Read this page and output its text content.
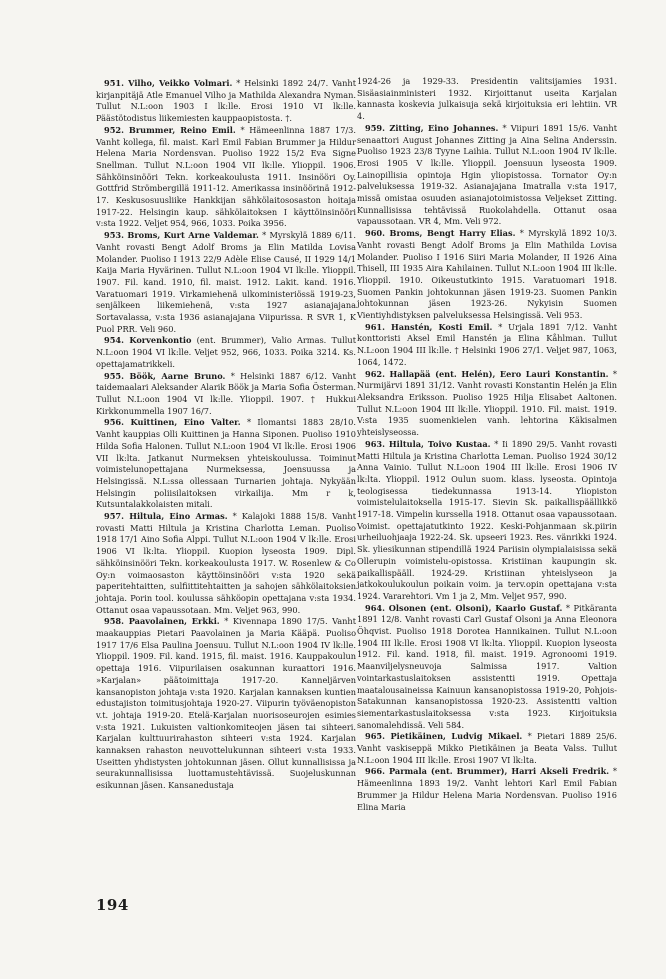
951. Vilho, Veikko Volmari. * Helsinki 1892 24/7. Vanht kirjanpitäjä Atle Emanuel Vilho ja Mathilda Alexandra Nyman. Tullut N.L:oon 1903 I lk:lle. Erosi 1910 VI lk:lle. Päästötodistus liikemiesten kauppaopistosta. †.

952. Brummer, Reino Emil. * Hämeenlinna 1887 17/3. Vanht kollega, fil. maist. Karl Emil Fabian Brummer ja Hildur Helena Maria Nordensvan. Puoliso 1922 15/2 Eva Signe Snellman. Tullut N.L:oon 1904 VII lk:lle. Ylioppil. 1906. Sähköinsinööri Tekn. korkeakoulusta 1911. Insinööri Oy. Gottfrid Strömbergillä 1911-12. Amerikassa insinöörinä 1912-17. Keskusosuusliike Hankkijan sähkölaitososaston hoitaja 1917-22. Helsingin kaup. sähkölaitoksen I käyttöinsinööri v:sta 1922. Veljet 954, 966, 1033. Poika 3956.

953. Broms, Kurt Arne Valdemar. * Myrskylä 1889 6/11. Vanht rovasti Bengt Adolf Broms ja Elin Matilda Lovisa Molander. Puoliso I 1913 22/9 Adèle Elise Causé, II 1929 14/1 Kaija Maria Hyvärinen. Tullut N.L:oon 1904 VI lk:lle. Ylioppil. 1907. Fil. kand. 1910, fil. maist. 1912. Lakit. kand. 1916. Varatuomari 1919. Virkamiehenä ulkoministeriössä 1919-23, senjälkeen liikemiehenä, v:sta 1927 asianajajana Sortavalassa, v:sta 1936 asianajajana Viipurissa. R SVR 1, K Puol PRR. Veli 960.

954. Korvenkontio (ent. Brummer), Valio Armas. Tullut N.L:oon 1904 VI lk:lle. Veljet 952, 966, 1033. Poika 3214. Ks. opettajamatrikkeli.

955. Böök, Aarne Bruno. * Helsinki 1887 6/12. Vanht taidemaalari Aleksander Alarik Böök ja Maria Sofia Österman. Tullut N.L:oon 1904 VI lk:lle. Ylioppil. 1907. † Hukkui Kirkkonummella 1907 16/7.

956. Kuittinen, Eino Valter. * Ilomantsi 1883 28/10. Vanht kauppias Olli Kuittinen ja Hanna Siponen. Puoliso 1910 Hilda Sofia Halonen. Tullut N.L:oon 1904 VI lk:lle. Erosi 1906 VII lk:lta. Jatkanut Nurmeksen yhteiskoulussa. Toiminut voimistelunopettajana Nurmeksessa, Joensuussa ja Helsingissä. N.L:ssa ollessaan Turnarien johtaja. Nykyään Helsingin poliisilaitoksen virkailija. Mm r k, Kutsuntalakkolaisten mitali.

957. Hiltula, Eino Armas. * Kalajoki 1888 15/8. Vanht rovasti Matti Hiltula ja Kristina Charlotta Leman. Puoliso 1918 17/1 Aino Sofia Alppi. Tullut N.L:oon 1904 V lk:lle. Erosi 1906 VI lk:lta. Ylioppil. Kuopion lyseosta 1909. Dipl. sähköinsinööri Tekn. korkeakoulusta 1917. W. Rosenlew & Co Oy:n voimaosaston käyttöinsinööri v:sta 1920 sekä paperitehtaitten, sulfiittitehtaitten ja sahojen sähkölaitoksien johtaja. Porin tool. koulussa sähköopin opettajana v:sta 1934. Ottanut osaa vapaussotaan. Mm. Veljet 963, 990.

958. Paavolainen, Erkki. * Kivennapa 1890 17/5. Vanht maakauppias Pietari Paavolainen ja Maria Kääpä. Puoliso 1917 17/6 Elsa Paulina Joensuu. Tullut N.L:oon 1904 IV lk:lle. Ylioppil. 1909. Fil. kand. 1915, fil. maist. 1916. Kauppakoulun opettaja 1916. Viipurilaisen osakunnan kuraattori 1916. »Karjalan» päätoimittaja 1917-20. Kanneljärven kansanopiston johtaja v:sta 1920. Karjalan kannaksen kuntien edustajiston toimitusjohtaja 1920-27. Viipurin työväenopiston v.t. johtaja 1919-20. Etelä-Karjalan nuorisoseurojen esimies v:sta 1921. Lukuisten valtionkomiteojen jäsen tai sihteeri. Karjalan kulttuurirahaston sihteeri v:sta 1924. Karjalan kannaksen rahaston neuvottelukunnan sihteeri v:sta 1933. Useitten yhdistysten johtokunnan jäsen. Ollut kunnallisissa ja seurakunnallisissa luottamustehtävissä. Suojeluskunnan esikunnan jäsen. Kansanedustaja

1924-26 ja 1929-33. Presidentin valitsijamies 1931. Sisäasiainministeri 1932. Kirjoittanut useita Karjalan kannasta koskevia julkaisuja sekä kirjoituksia eri lehtiin. VR 4.

959. Zitting, Eino Johannes. * Viipuri 1891 15/6. Vanht senaattori August Johannes Zitting ja Aina Selina Anderssin. Puoliso 1923 23/8 Tyyne Laihia. Tullut N.L:oon 1904 IV lk:lle. Erosi 1905 V lk:lle. Ylioppil. Joensuun lyseosta 1909. Lainopillisia opintoja Hgin yliopistossa. Tornator Oy:n palveluksessa 1919-32. Asianajajana Imatralla v:sta 1917, missä omistaa osuuden asianajotoimistossa Veljekset Zitting. Kunnallisissa tehtävissä Ruokolahdella. Ottanut osaa vapaussotaan. VR 4, Mm. Veli 972.

960. Broms, Bengt Harry Elias. * Myrskylä 1892 10/3. Vanht rovasti Bengt Adolf Broms ja Elin Mathilda Lovisa Molander. Puoliso I 1916 Siiri Maria Molander, II 1926 Aina Thisell, III 1935 Aira Kahilainen. Tullut N.L:oon 1904 III lk:lle. Ylioppil. 1910. Oikeustutkinto 1915. Varatuomari 1918. Suomen Pankin johtokunnan jäsen 1919-23. Suomen Pankin johtokunnan jäsen 1923-26. Nykyisin Suomen Vientiyhdistyksen palveluksessa Helsingissä. Veli 953.

961. Hanstén, Kosti Emil. * Urjala 1891 7/12. Vanht konttoristi Aksel Emil Hanstén ja Elina Kåhlman. Tullut N.L:oon 1904 III lk:lle. † Helsinki 1906 27/1. Veljet 987, 1063, 1064, 1472.

962. Hallapää (ent. Helén), Eero Lauri Konstantin. * Nurmijärvi 1891 31/12. Vanht rovasti Konstantin Helén ja Elin Aleksandra Eriksson. Puoliso 1925 Hilja Elisabet Aaltonen. Tullut N.L:oon 1904 III lk:lle. Ylioppil. 1910. Fil. maist. 1919. V:sta 1935 suomenkielen vanh. lehtorina Käkisalmen yhteislyseossa.

963. Hiltula, Toivo Kustaa. * Ii 1890 29/5. Vanht rovasti Matti Hiltula ja Kristina Charlotta Leman. Puoliso 1924 30/12 Anna Vainio. Tullut N.L:oon 1904 III lk:lle. Erosi 1906 IV lk:lta. Ylioppil. 1912 Oulun suom. klass. lyseosta. Opintoja teologisessa tiedekunnassa 1913-14. Yliopiston voimistelulaitoksella 1915-17. Sievin Sk. paikallispäällikkö 1917-18. Vimpelin kurssella 1918. Ottanut osaa vapaussotaan. Voimist. opettajatutkinto 1922. Keski-Pohjanmaan sk.piirin urheiluohjaaja 1922-24. Sk. upseeri 1923. Res. vänrikki 1924. Sk. yliesikunnan stipendillä 1924 Pariisin olympialaisissa sekä Ollerupin voimistelu-opistossa. Kristiinan kaupungin sk. paikallispääll. 1924-29. Kristiinan yhteislyseon ja jatkokoulukoulun poikain voim. ja terv.opin opettajana v:sta 1924. Vararehtori. Vm 1 ja 2, Mm. Veljet 957, 990.

964. Olsonen (ent. Olsoni), Kaarlo Gustaf. * Pitkäranta 1891 12/8. Vanht rovasti Carl Gustaf Olsoni ja Anna Eleonora Öhqvist. Puoliso 1918 Dorotea Hannikainen. Tullut N.L:oon 1904 III lk:lle. Erosi 1908 VI lk:lta. Ylioppil. Kuopion lyseosta 1912. Fil. kand. 1918, fil. maist. 1919. Agronoomi 1919. Maanviljelysneuvoja Salmissa 1917. Valtion vointarkastuslaitoksen assistentti 1919. Opettaja maatalousaineissa Kainuun kansanopistossa 1919-20, Pohjois-Satakunnan kansanopistossa 1920-23. Assistentti valtion siementarkastuslaitoksessa v:sta 1923. Kirjoituksia sanomalehdissä. Veli 584.

965. Pietikäinen, Ludvig Mikael. * Pietari 1889 25/6. Vanht vaskiseppä Mikko Pietikäinen ja Beata Valss. Tullut N.L:oon 1904 III lk:lle. Erosi 1907 VI lk:lta.

966. Parmala (ent. Brummer), Harri Akseli Fredrik. * Hämeenlinna 1893 19/2. Vanht lehtori Karl Emil Fabian Brummer ja Hildur Helena Maria Nordensvan. Puoliso 1916 Elina Maria

194
